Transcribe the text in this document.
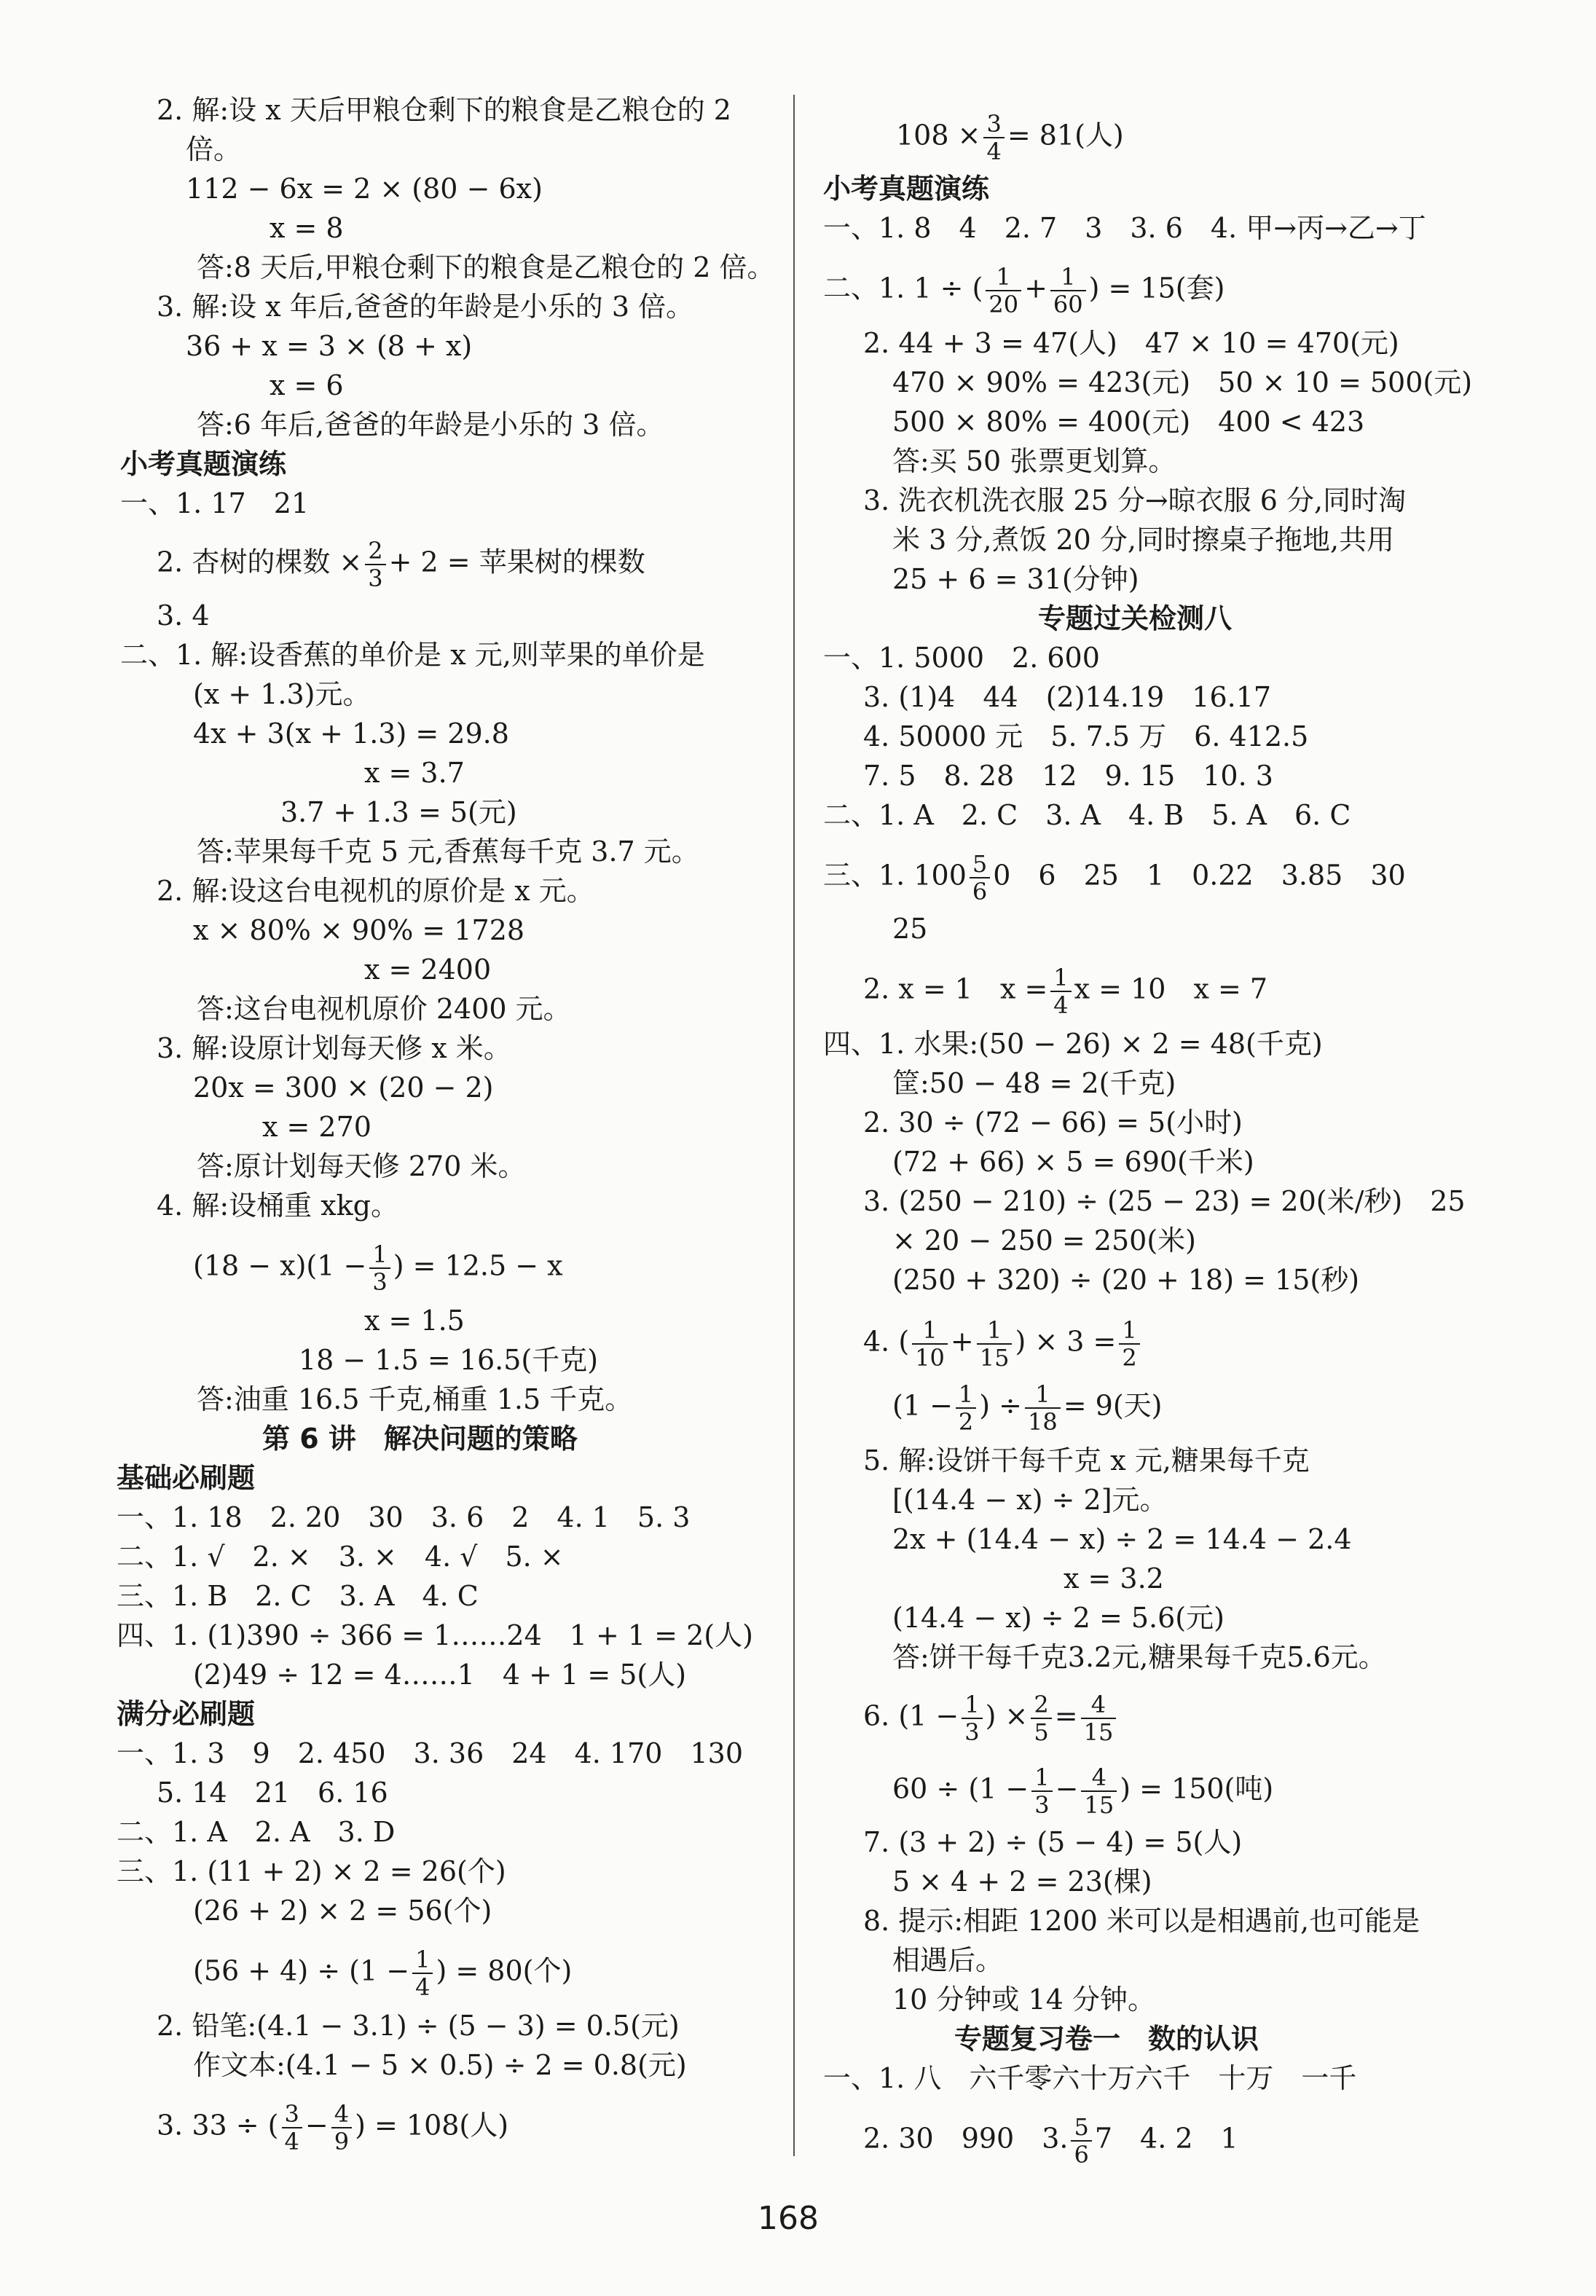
2. 解:设 x 天后甲粮仓剩下的粮食是乙粮仓的 2
倍。
112 − 6x = 2 × (80 − 6x)
x = 8
答:8 天后,甲粮仓剩下的粮食是乙粮仓的 2 倍。
3. 解:设 x 年后,爸爸的年龄是小乐的 3 倍。
36 + x = 3 × (8 + x)
x = 6
答:6 年后,爸爸的年龄是小乐的 3 倍。
小考真题演练
一、1. 17　21
2. 杏树的棵数 × $\frac{2}{3} + 2$ = 苹果树的棵数
3. 4
二、1. 解:设香蕉的单价是 x 元,则苹果的单价是
(x + 1.3)元。
4x + 3(x + 1.3) = 29.8
x = 3.7
3.7 + 1.3 = 5(元)
答:苹果每千克 5 元,香蕉每千克 3.7 元。
2. 解:设这台电视机的原价是 x 元。
x × 80% × 90% = 1728
x = 2400
答:这台电视机原价 2400 元。
3. 解:设原计划每天修 x 米。
20x = 300 × (20 − 2)
x = 270
答:原计划每天修 270 米。
4. 解:设桶重 xkg。
$(18 - x)(1 - \frac{1}{3}$ ) = 12.5 − x
x = 1.5
18 − 1.5 = 16.5(千克)
答:油重 16.5 千克,桶重 1.5 千克。
第 6 讲　解决问题的策略
基础必刷题
一、1. 18　2. 20　30　3. 6　2　4. 1　5. 3
二、1. √　2. ×　3. ×　4. √　5. ×
三、1. B　2. C　3. A　4. C
四、1. (1)390 ÷ 366 = 1……24　1 + 1 = 2(人)
(2)49 ÷ 12 = 4……1　4 + 1 = 5(人)
满分必刷题
一、1. 3　9　2. 450　3. 36　24　4. 170　130
5. 14　21　6. 16
二、1. A　2. A　3. D
三、1. (11 + 2) × 2 = 26(个)
(26 + 2) × 2 = 56(个)
$(56 + 4) \div (1 - \frac{1}{4}$ ) = 80(个)
2. 铅笔:(4.1 − 3.1) ÷ (5 − 3) = 0.5(元)
作文本:(4.1 − 5 × 0.5) ÷ 2 = 0.8(元)
3. 33 ÷ ( $\frac{3}{4} - \frac{4}{9}$ ) = 108(人)
$108 \times \frac{3}{4} = 81$(人)
小考真题演练
一、1. 8　4　2. 7　3　3. 6　4. 甲→丙→乙→丁
二、1. 1 ÷ ( $\frac{1}{20} + \frac{1}{60}$ ) = 15(套)
2. 44 + 3 = 47(人)　47 × 10 = 470(元)
470 × 90% = 423(元)　50 × 10 = 500(元)
500 × 80% = 400(元)　400 < 423
答:买 50 张票更划算。
3. 洗衣机洗衣服 25 分→晾衣服 6 分,同时淘
米 3 分,煮饭 20 分,同时擦桌子拖地,共用
25 + 6 = 31(分钟)
专题过关检测八
一、1. 5000　2. 600
3. (1)4　44　(2)14.19　16.17
4. 50000 元　5. 7.5 万　6. 412.5
7. 5　8. 28　12　9. 15　10. 3
二、1. A　2. C　3. A　4. B　5. A　6. C
三、1. $100 \frac{5}{6} 0$　6　25　1　0.22　3.85　30
25
2. x = 1　$x = \frac{1}{4}$ x = 10　x = 7
四、1. 水果:(50 − 26) × 2 = 48(千克)
筐:50 − 48 = 2(千克)
2. 30 ÷ (72 − 66) = 5(小时)
(72 + 66) × 5 = 690(千米)
3. (250 − 210) ÷ (25 − 23) = 20(米/秒)　25
× 20 − 250 = 250(米)
(250 + 320) ÷ (20 + 18) = 15(秒)
4. ( $\frac{1}{10} + \frac{1}{15}$ ) × $3 = \frac{1}{2}$
($1 - \frac{1}{2}$ ) ÷ $\frac{1}{18} = 9$(天)
5. 解:设饼干每千克 x 元,糖果每千克
[(14.4 − x) ÷ 2]元。
2x + (14.4 − x) ÷ 2 = 14.4 − 2.4
x = 3.2
(14.4 − x) ÷ 2 = 5.6(元)
答:饼干每千克3.2元,糖果每千克5.6元。
6. ($1 - \frac{1}{3}$ ) × $\frac{2}{5} = \frac{4}{15}$
$60 \div (1 - \frac{1}{3} - \frac{4}{15}$ ) = 150(吨)
7. (3 + 2) ÷ (5 − 4) = 5(人)
5 × 4 + 2 = 23(棵)
8. 提示:相距 1200 米可以是相遇前,也可能是
相遇后。
10 分钟或 14 分钟。
专题复习卷一　数的认识
一、1. 八　六千零六十万六千　十万　一千
2. 30　990　3. $\frac{5}{6} 7$　4. 2　1
168
